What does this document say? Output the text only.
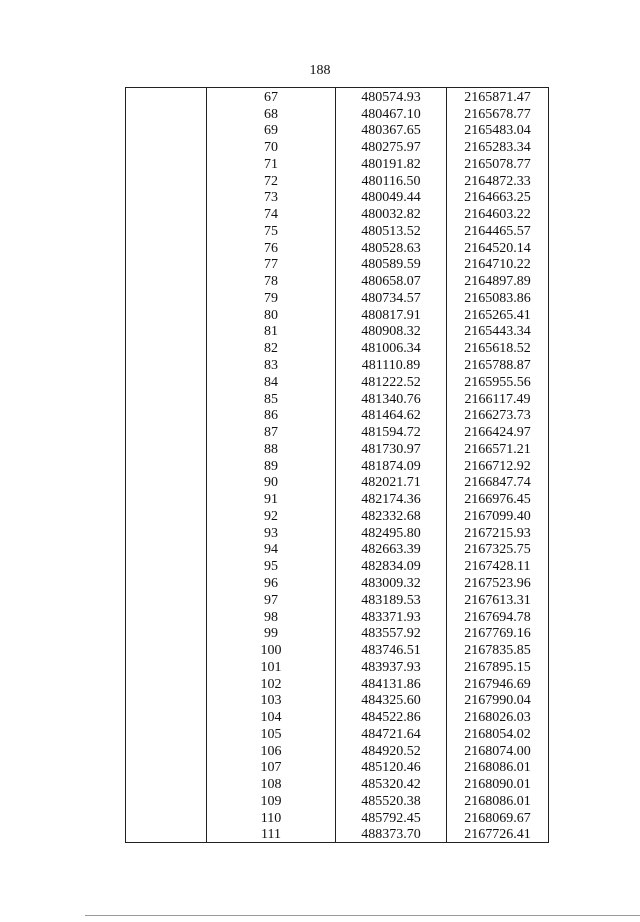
188
	67	480574.93	2165871.47
	68	480467.10	2165678.77
	69	480367.65	2165483.04
	70	480275.97	2165283.34
	71	480191.82	2165078.77
	72	480116.50	2164872.33
	73	480049.44	2164663.25
	74	480032.82	2164603.22
	75	480513.52	2164465.57
	76	480528.63	2164520.14
	77	480589.59	2164710.22
	78	480658.07	2164897.89
	79	480734.57	2165083.86
	80	480817.91	2165265.41
	81	480908.32	2165443.34
	82	481006.34	2165618.52
	83	481110.89	2165788.87
	84	481222.52	2165955.56
	85	481340.76	2166117.49
	86	481464.62	2166273.73
	87	481594.72	2166424.97
	88	481730.97	2166571.21
	89	481874.09	2166712.92
	90	482021.71	2166847.74
	91	482174.36	2166976.45
	92	482332.68	2167099.40
	93	482495.80	2167215.93
	94	482663.39	2167325.75
	95	482834.09	2167428.11
	96	483009.32	2167523.96
	97	483189.53	2167613.31
	98	483371.93	2167694.78
	99	483557.92	2167769.16
	100	483746.51	2167835.85
	101	483937.93	2167895.15
	102	484131.86	2167946.69
	103	484325.60	2167990.04
	104	484522.86	2168026.03
	105	484721.64	2168054.02
	106	484920.52	2168074.00
	107	485120.46	2168086.01
	108	485320.42	2168090.01
	109	485520.38	2168086.01
	110	485792.45	2168069.67
	111	488373.70	2167726.41
